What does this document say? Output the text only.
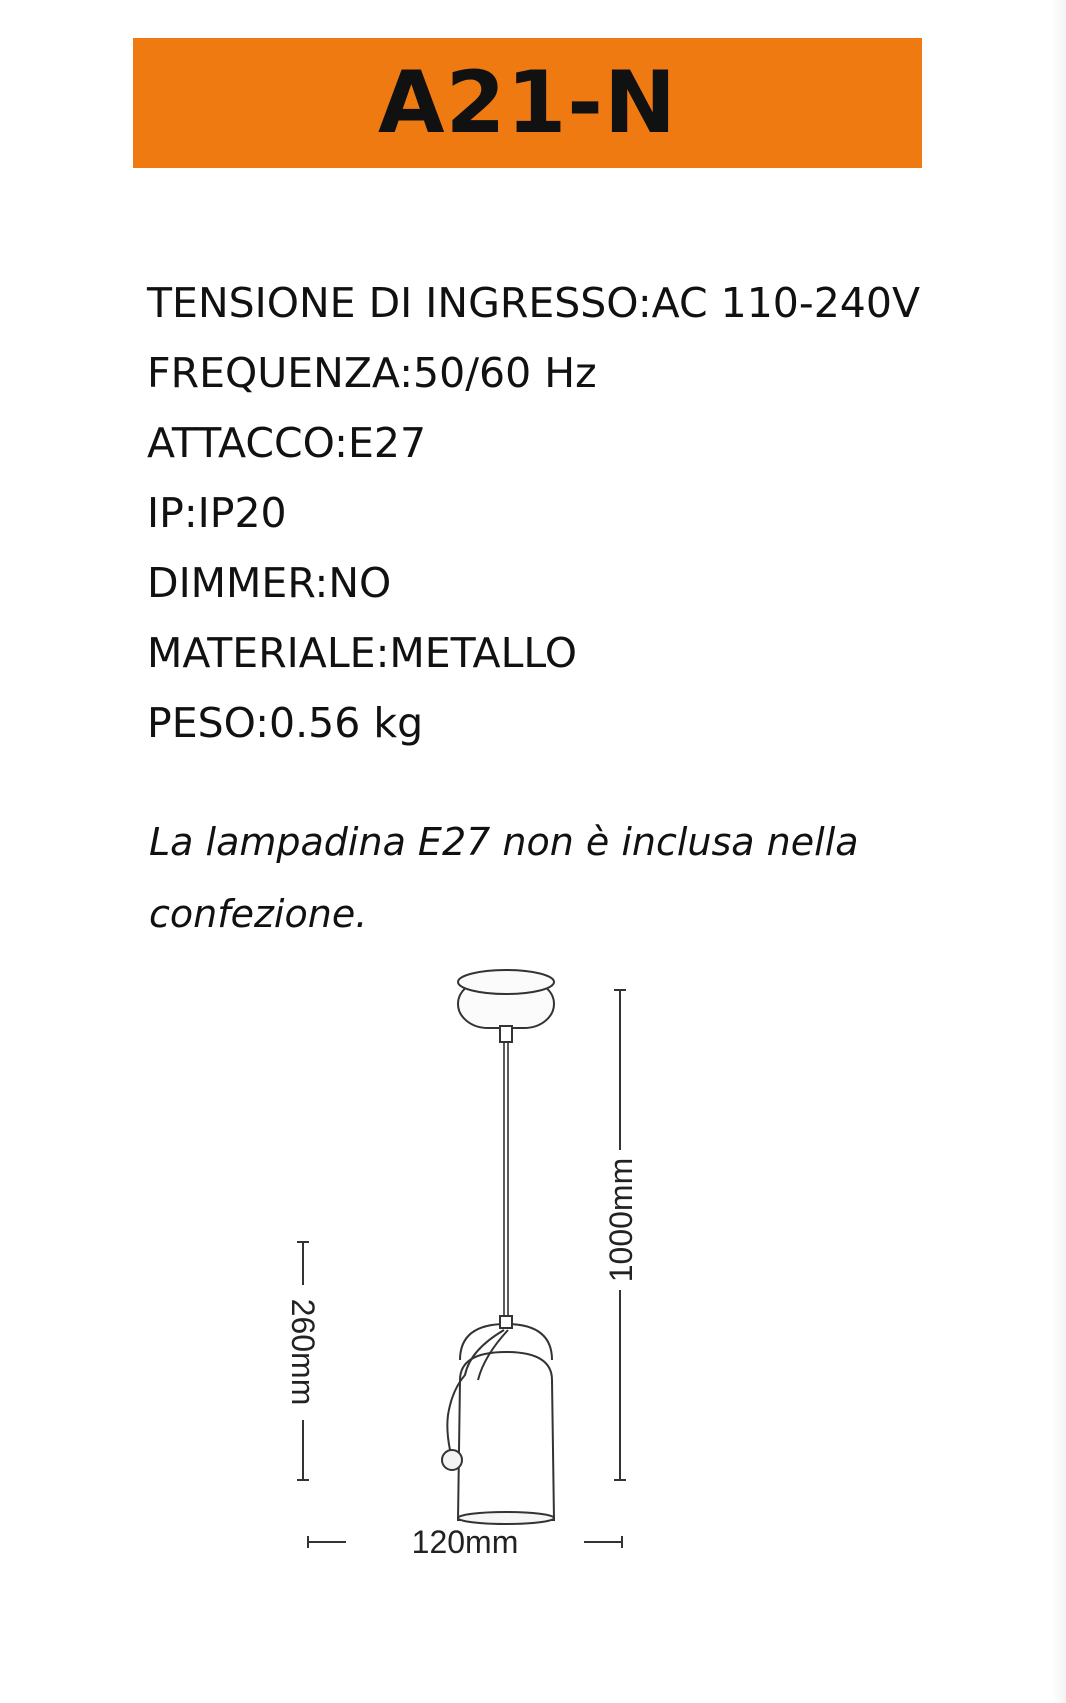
A21-N
TENSIONE DI INGRESSO:AC 110-240V
FREQUENZA:50/60 Hz
ATTACCO:E27
IP:IP20
DIMMER:NO
MATERIALE:METALLO
PESO:0.56 kg
La lampadina E27 non è inclusa nella confezione.
1000mm
260mm
120mm
